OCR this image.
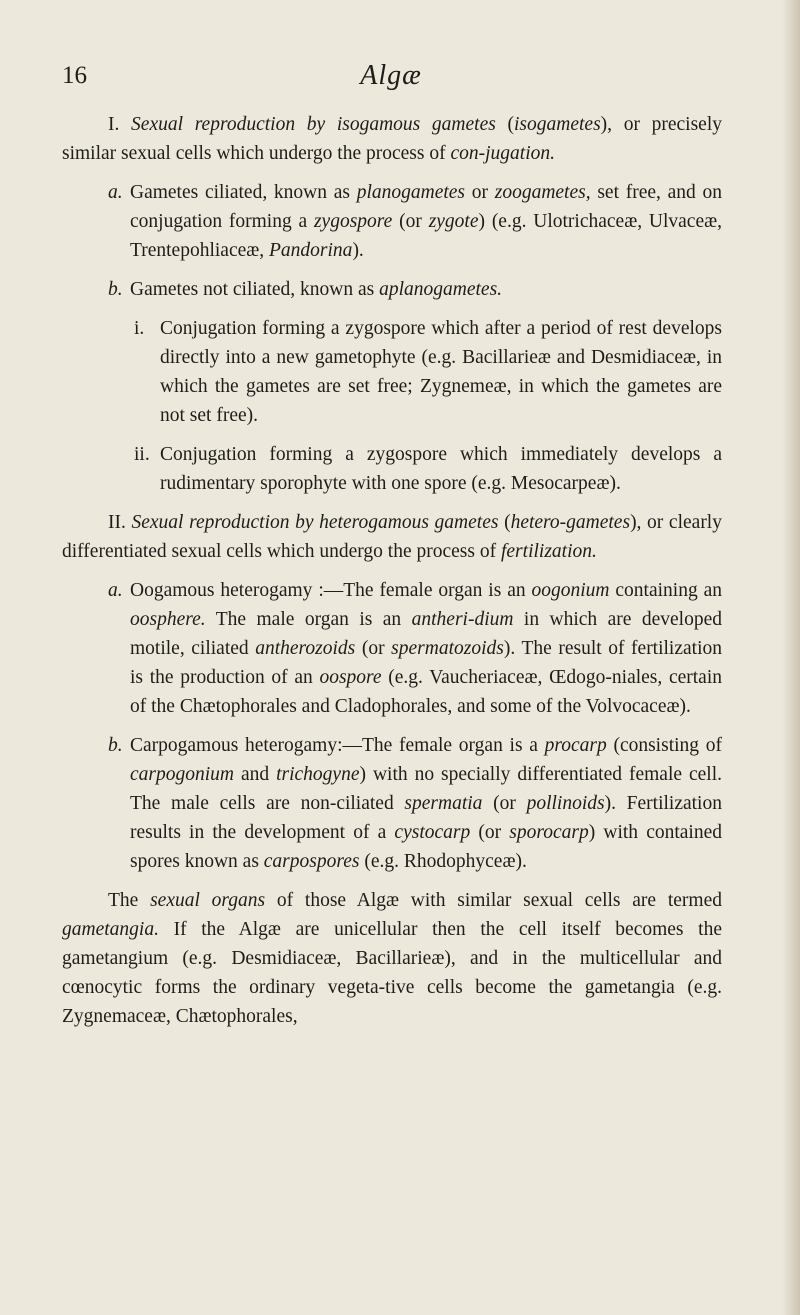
16	Algæ

I. Sexual reproduction by isogamous gametes (isogametes), or precisely similar sexual cells which undergo the process of con-jugation.

a. Gametes ciliated, known as planogametes or zoogametes, set free, and on conjugation forming a zygospore (or zygote) (e.g. Ulotrichaceæ, Ulvaceæ, Trentepohliaceæ, Pandorina).
b. Gametes not ciliated, known as aplanogametes.
i. Conjugation forming a zygospore which after a period of rest develops directly into a new gametophyte (e.g. Bacillarieæ and Desmidiaceæ, in which the gametes are set free; Zygnemeæ, in which the gametes are not set free).
ii. Conjugation forming a zygospore which immediately develops a rudimentary sporophyte with one spore (e.g. Mesocarpeæ).

II. Sexual reproduction by heterogamous gametes (hetero-gametes), or clearly differentiated sexual cells which undergo the process of fertilization.

a. Oogamous heterogamy :—The female organ is an oogonium containing an oosphere. The male organ is an antheri-dium in which are developed motile, ciliated antherozoids (or spermatozoids). The result of fertilization is the production of an oospore (e.g. Vaucheriaceæ, Œdogo-niales, certain of the Chætophorales and Cladophorales, and some of the Volvocaceæ).
b. Carpogamous heterogamy:—The female organ is a procarp (consisting of carpogonium and trichogyne) with no specially differentiated female cell. The male cells are non-ciliated spermatia (or pollinoids). Fertilization results in the development of a cystocarp (or sporocarp) with contained spores known as carpospores (e.g. Rhodophyceæ).

The sexual organs of those Algæ with similar sexual cells are termed gametangia. If the Algæ are unicellular then the cell itself becomes the gametangium (e.g. Desmidiaceæ, Bacillarieæ), and in the multicellular and cœnocytic forms the ordinary vegeta-tive cells become the gametangia (e.g. Zygnemaceæ, Chætophorales,
